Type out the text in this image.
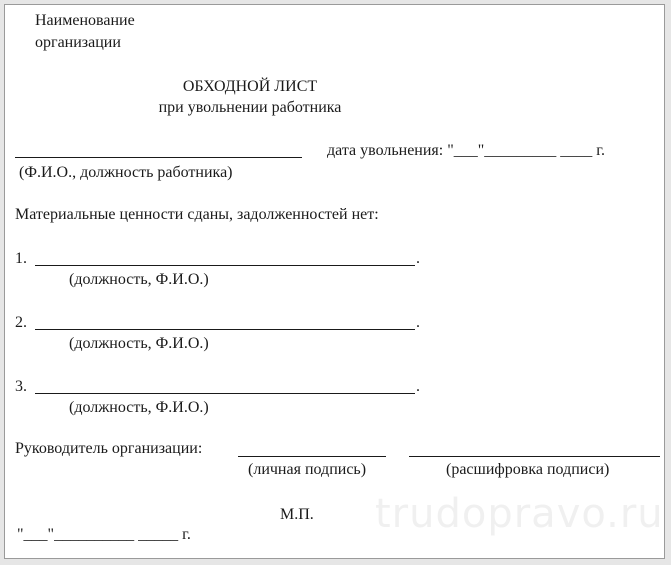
Наименование
организации
ОБХОДНОЙ ЛИСТ
при увольнении работника
дата увольнения: "___"_________ ____ г.
(Ф.И.О., должность работника)
Материальные ценности сданы, задолженностей нет:
1.	.
(должность, Ф.И.О.)
2.	.
(должность, Ф.И.О.)
3.	.
(должность, Ф.И.О.)
Руководитель организации:
(личная подпись)	(расшифровка подписи)
М.П. trudopravo.ru
"___"__________ _____ г.
